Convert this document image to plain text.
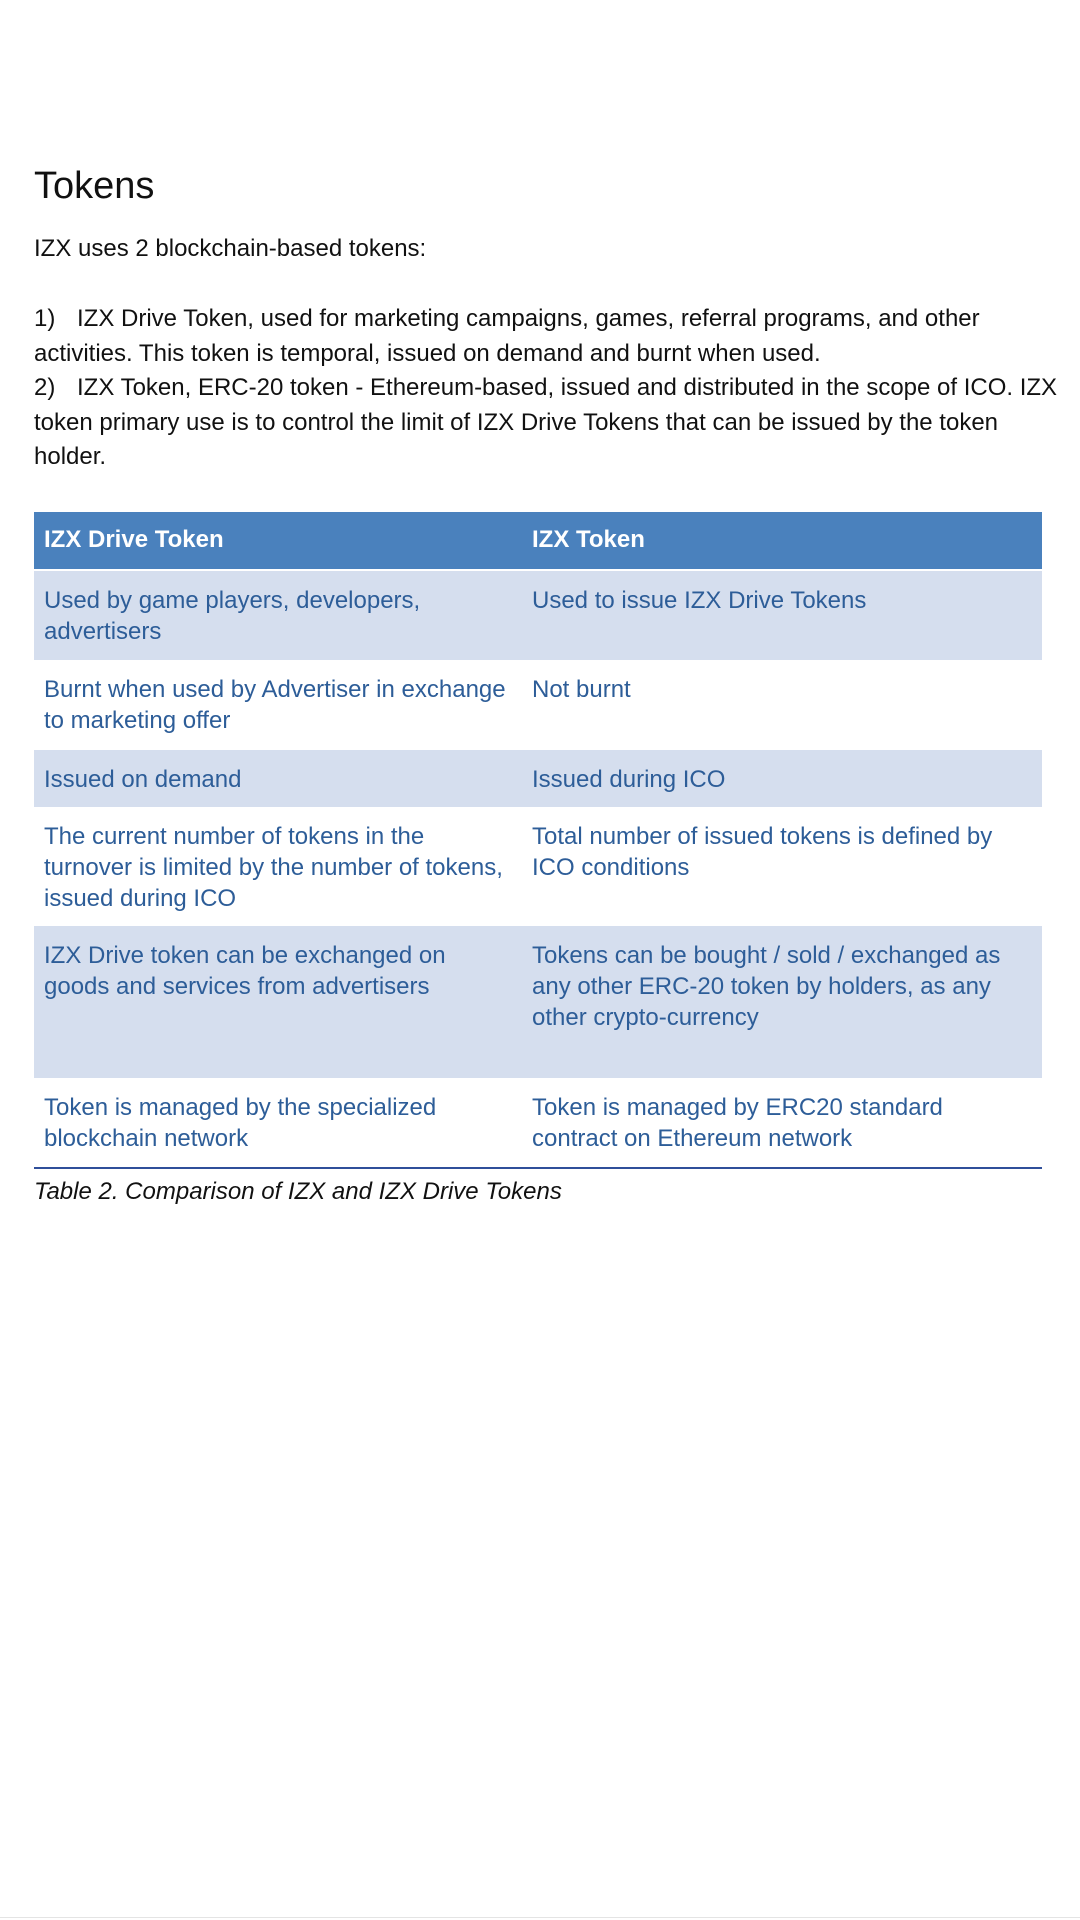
Tokens

IZX uses 2 blockchain-based tokens:

1) IZX Drive Token, used for marketing campaigns, games, referral programs, and other activities. This token is temporal, issued on demand and burnt when used.

2) IZX Token, ERC-20 token - Ethereum-based, issued and distributed in the scope of ICO. IZX token primary use is to control the limit of IZX Drive Tokens that can be issued by the token holder.

IZX Drive Token	IZX Token
Used by game players, developers, advertisers	Used to issue IZX Drive Tokens
Burnt when used by Advertiser in exchange to marketing offer	Not burnt
Issued on demand	Issued during ICO
The current number of tokens in the turnover is limited by the number of tokens, issued during ICO	Total number of issued tokens is defined by ICO conditions
IZX Drive token can be exchanged on goods and services from advertisers	Tokens can be bought / sold / exchanged as any other ERC-20 token by holders, as any other crypto-currency
Token is managed by the specialized blockchain network	Token is managed by ERC20 standard contract on Ethereum network

Table 2. Comparison of IZX and IZX Drive Tokens
